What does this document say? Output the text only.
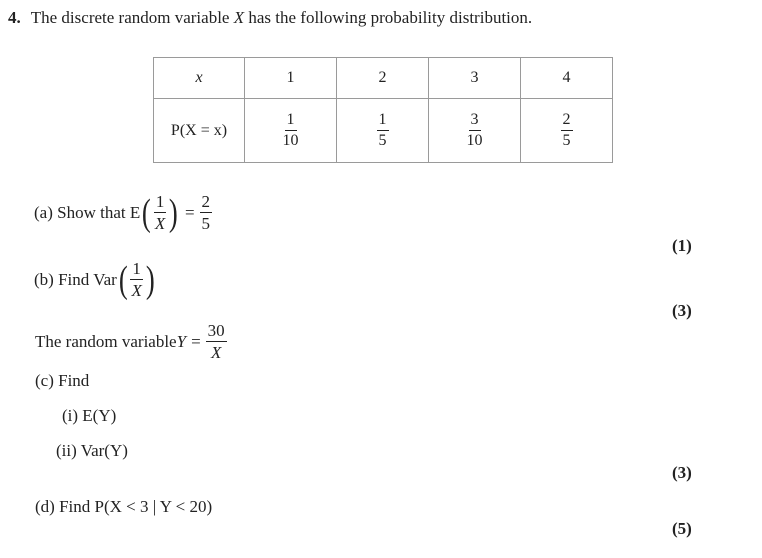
4. The discrete random variable X has the following probability distribution.
x	1	2	3	4
P(X = x)	$\frac{1}{10}$	$\frac{1}{5}$	$\frac{3}{10}$	$\frac{2}{5}$
(a) Show that E ( $\frac{1}{X}$ ) = $\frac{2}{5}$
(1)
(b) Find Var ( $\frac{1}{X}$ )
(3)
The random variable $Y = \frac{30}{X}$
(c) Find
(i) E(Y)
(ii) Var(Y)
(3)
(d) Find P(X < 3 | Y < 20)
(5)
